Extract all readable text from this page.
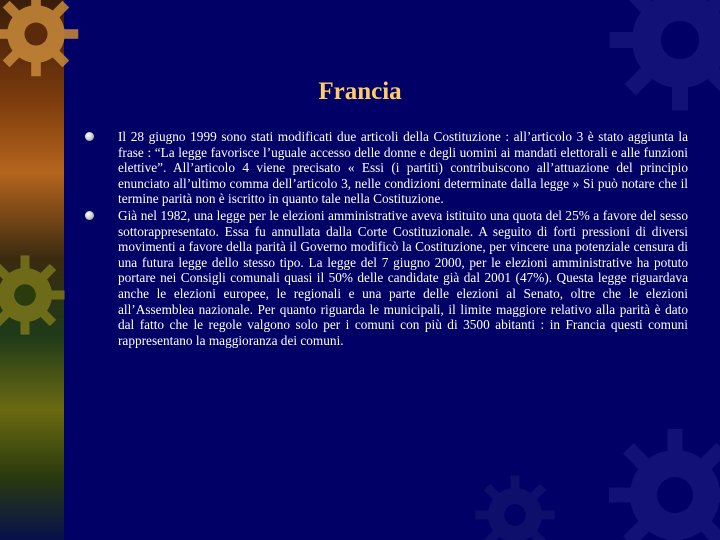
Francia
Il 28 giugno 1999 sono stati modificati due articoli della Costituzione : all’articolo 3 è stato aggiunta la frase : “La legge favorisce l’uguale accesso delle donne e degli uomini ai mandati elettorali e alle funzioni elettive”. All’articolo 4 viene precisato « Essi (i partiti) contribuiscono all’attuazione del principio enunciato all’ultimo comma dell’articolo 3, nelle condizioni determinate dalla legge » Si può notare che il termine parità non è iscritto in quanto tale nella Costituzione.
Già nel 1982, una legge per le elezioni amministrative aveva istituito una quota del 25% a favore del sesso sottorappresentato. Essa fu annullata dalla Corte Costituzionale. A seguito di forti pressioni di diversi movimenti a favore della parità il Governo modificò la Costituzione, per vincere una potenziale censura di una futura legge dello stesso tipo. La legge del 7 giugno 2000, per le elezioni amministrative ha potuto portare nei Consigli comunali quasi il 50% delle candidate già dal 2001 (47%). Questa legge riguardava anche le elezioni europee, le regionali e una parte delle elezioni al Senato, oltre che le elezioni all’Assemblea nazionale. Per quanto riguarda le municipali, il limite maggiore relativo alla parità è dato dal fatto che le regole valgono solo per i comuni con più di 3500 abitanti : in Francia questi comuni rappresentano la maggioranza dei comuni.
